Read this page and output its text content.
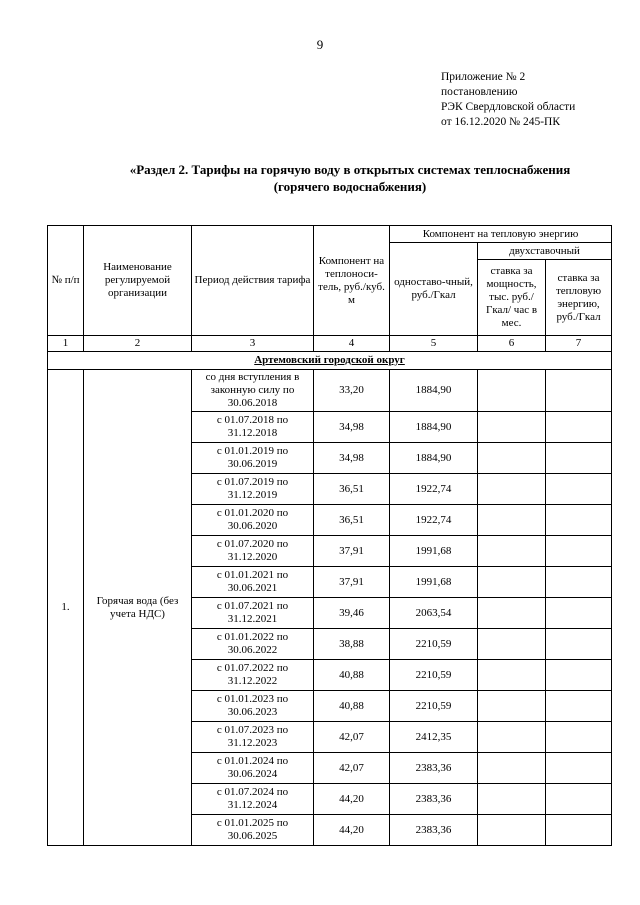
9
Приложение № 2
постановлению
РЭК Свердловской области
от 16.12.2020 № 245-ПК
«Раздел 2. Тарифы на горячую воду в открытых системах теплоснабжения
(горячего водоснабжения)
№ п/п	Наименование регулируемой организации	Период действия тарифа	Компонент на теплоноси-тель, руб./куб. м	Компонент на тепловую энергию		
				одноставо-чный, руб./Гкал	двухставочный	
					ставка за мощность, тыс. руб./Гкал/ час в мес.	ставка за тепловую энергию, руб./Гкал
1	2	3	4	5	6	7
Артемовский городской округ						
1.	Горячая вода (без учета НДС)	со дня вступления в
законную силу по
30.06.2018	33,20	1884,90		

		с 01.07.2018 по
31.12.2018	34,98	1884,90		

		с 01.01.2019 по
30.06.2019	34,98	1884,90		

		с 01.07.2019 по
31.12.2019	36,51	1922,74		

		с 01.01.2020 по
30.06.2020	36,51	1922,74		

		с 01.07.2020 по
31.12.2020	37,91	1991,68		

		с 01.01.2021 по
30.06.2021	37,91	1991,68		

		с 01.07.2021 по
31.12.2021	39,46	2063,54		

		с 01.01.2022 по
30.06.2022	38,88	2210,59		

		с 01.07.2022 по
31.12.2022	40,88	2210,59		

		с 01.01.2023 по
30.06.2023	40,88	2210,59		

		с 01.07.2023 по
31.12.2023	42,07	2412,35		

		с 01.01.2024 по
30.06.2024	42,07	2383,36		

		с 01.07.2024 по
31.12.2024	44,20	2383,36		

		с 01.01.2025 по
30.06.2025	44,20	2383,36		
